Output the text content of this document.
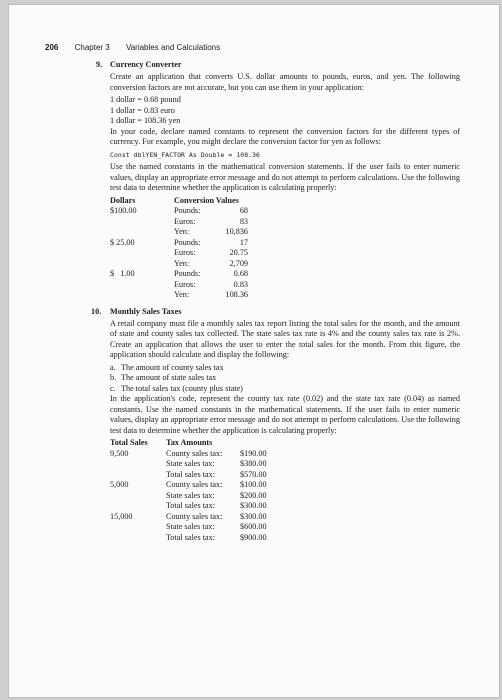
206 Chapter 3 Variables and Calculations
9. Currency Converter

Create an application that converts U.S. dollar amounts to pounds, euros, and yen. The following conversion factors are not accurate, but you can use them in your application:

1 dollar = 0.68 pound
1 dollar = 0.83 euro
1 dollar = 108.36 yen

In your code, declare named constants to represent the conversion factors for the different types of currency. For example, you might declare the conversion factor for yen as follows:

Const dblYEN_FACTOR As Double = 108.36

Use the named constants in the mathematical conversion statements. If the user fails to enter numeric values, display an appropriate error message and do not attempt to perform calculations. Use the following test data to determine whether the application is calculating properly:

Dollars	Conversion Values	
$100.00	Pounds:	68
	Euros:	83
	Yen:	10,836
$ 25.00	Pounds:	17
	Euros:	20.75
	Yen:	2,709
$   1.00	Pounds:	0.68
	Euros:	0.83
	Yen:	108.36
10. Monthly Sales Taxes

A retail company must file a monthly sales tax report listing the total sales for the month, and the amount of state and county sales tax collected. The state sales tax rate is 4% and the county sales tax rate is 2%. Create an application that allows the user to enter the total sales for the month. From this figure, the application should calculate and display the following:

a. The amount of county sales tax
b. The amount of state sales tax
c. The total sales tax (county plus state)

In the application's code, represent the county tax rate (0.02) and the state tax rate (0.04) as named constants. Use the named constants in the mathematical statements. If the user fails to enter numeric values, display an appropriate error message and do not attempt to perform calculations. Use the following test data to determine whether the application is calculating properly:

Total Sales	Tax Amounts	
9,500	County sales tax:	$190.00
	State sales tax:	$380.00
	Total sales tax:	$570.00
5,000	County sales tax:	$100.00
	State sales tax:	$200.00
	Total sales tax:	$300.00
15,000	County sales tax:	$300.00
	State sales tax:	$600.00
	Total sales tax:	$900.00
